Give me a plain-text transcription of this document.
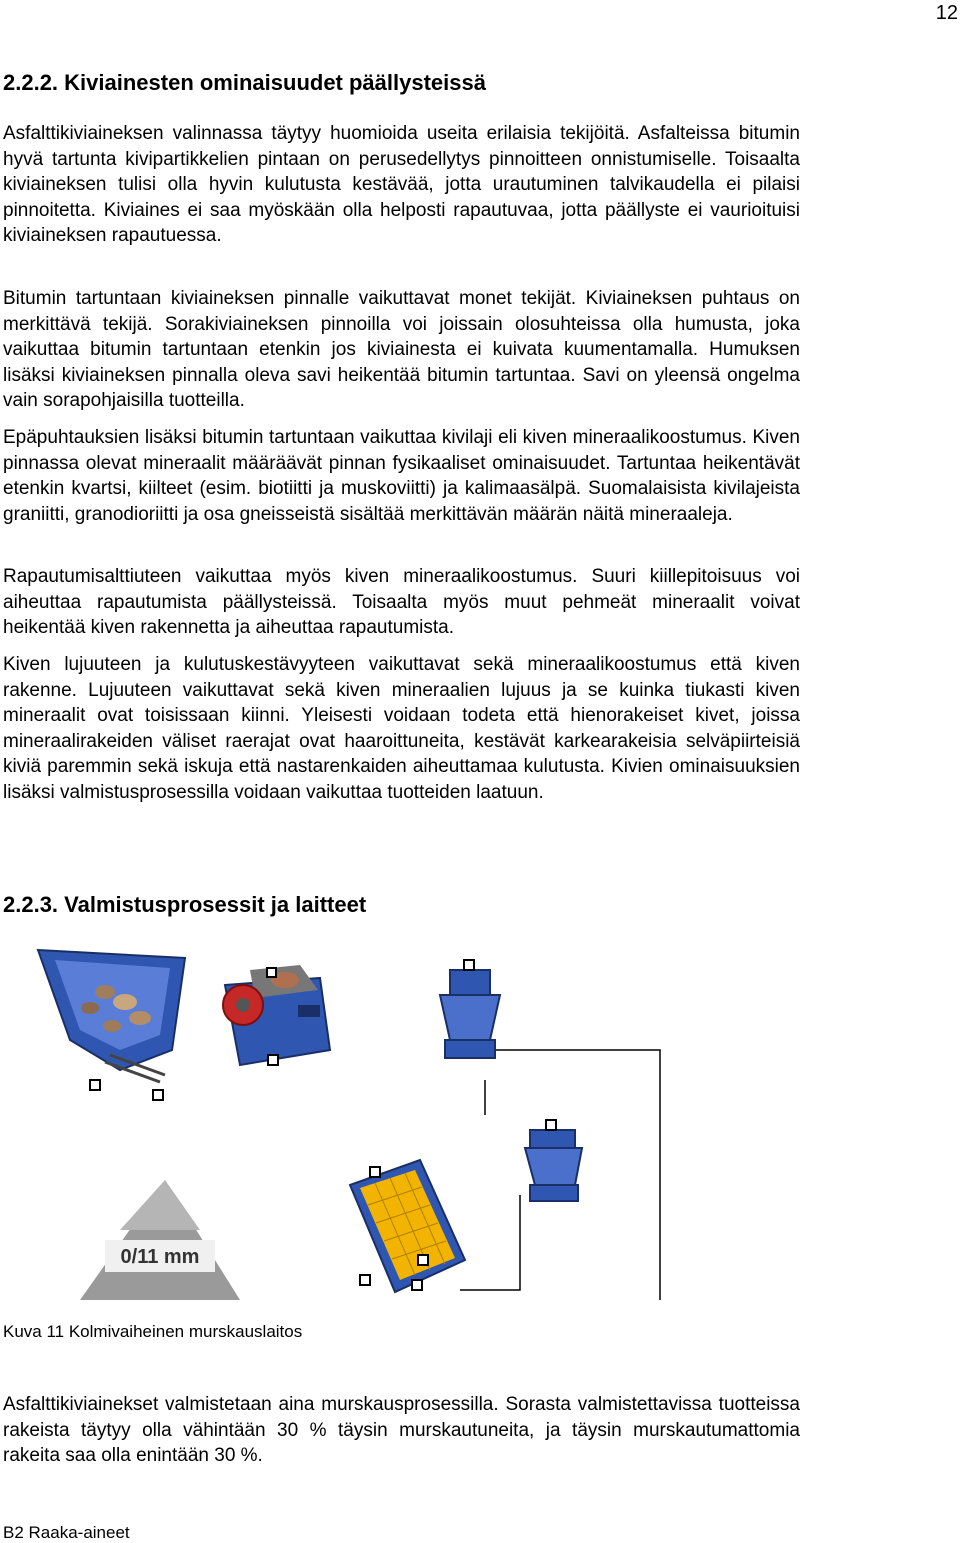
12
2.2.2. Kiviainesten ominaisuudet päällysteissä

Asfalttikiviaineksen valinnassa täytyy huomioida useita erilaisia tekijöitä. Asfalteissa bitumin hyvä tartunta kivipartikkelien pintaan on perusedellytys pinnoitteen onnistumiselle. Toisaalta kiviaineksen tulisi olla hyvin kulutusta kestävää, jotta urautuminen talvikaudella ei pilaisi pinnoitetta. Kiviaines ei saa myöskään olla helposti rapautuvaa, jotta päällyste ei vaurioituisi kiviaineksen rapautuessa.

Bitumin tartuntaan kiviaineksen pinnalle vaikuttavat monet tekijät. Kiviaineksen puhtaus on merkittävä tekijä. Sorakiviaineksen pinnoilla voi joissain olosuhteissa olla humusta, joka vaikuttaa bitumin tartuntaan etenkin jos kiviainesta ei kuivata kuumentamalla. Humuksen lisäksi kiviaineksen pinnalla oleva savi heikentää bitumin tartuntaa. Savi on yleensä ongelma vain sorapohjaisilla tuotteilla.

Epäpuhtauksien lisäksi bitumin tartuntaan vaikuttaa kivilaji eli kiven mineraalikoostumus. Kiven pinnassa olevat mineraalit määräävät pinnan fysikaaliset ominaisuudet. Tartuntaa heikentävät etenkin kvartsi, kiilteet (esim. biotiitti ja muskoviitti) ja kalimaasälpä. Suomalaisista kivilajeista graniitti, granodioriitti ja osa gneisseistä sisältää merkittävän määrän näitä mineraaleja.

Rapautumisalttiuteen vaikuttaa myös kiven mineraalikoostumus. Suuri kiillepitoisuus voi aiheuttaa rapautumista päällysteissä. Toisaalta myös muut pehmeät mineraalit voivat heikentää kiven rakennetta ja aiheuttaa rapautumista.

Kiven lujuuteen ja kulutuskestävyyteen vaikuttavat sekä mineraalikoostumus että kiven rakenne. Lujuuteen vaikuttavat sekä kiven mineraalien lujuus ja se kuinka tiukasti kiven mineraalit ovat toisissaan kiinni. Yleisesti voidaan todeta että hienorakeiset kivet, joissa mineraalirakeiden väliset raerajat ovat haaroittuneita, kestävät karkearakeisia selväpiirteisiä kiviä paremmin sekä iskuja että nastarenkaiden aiheuttamaa kulutusta. Kivien ominaisuuksien lisäksi valmistusprosessilla voidaan vaikuttaa tuotteiden laatuun.

2.2.3. Valmistusprosessit ja laitteet
0/11 mm
Kuva 11 Kolmivaiheinen murskauslaitos

Asfalttikiviainekset valmistetaan aina murskausprosessilla. Sorasta valmistettavissa tuotteissa rakeista täytyy olla vähintään 30 % täysin murskautuneita, ja täysin murskautumattomia rakeita saa olla enintään 30 %.

B2 Raaka-aineet
